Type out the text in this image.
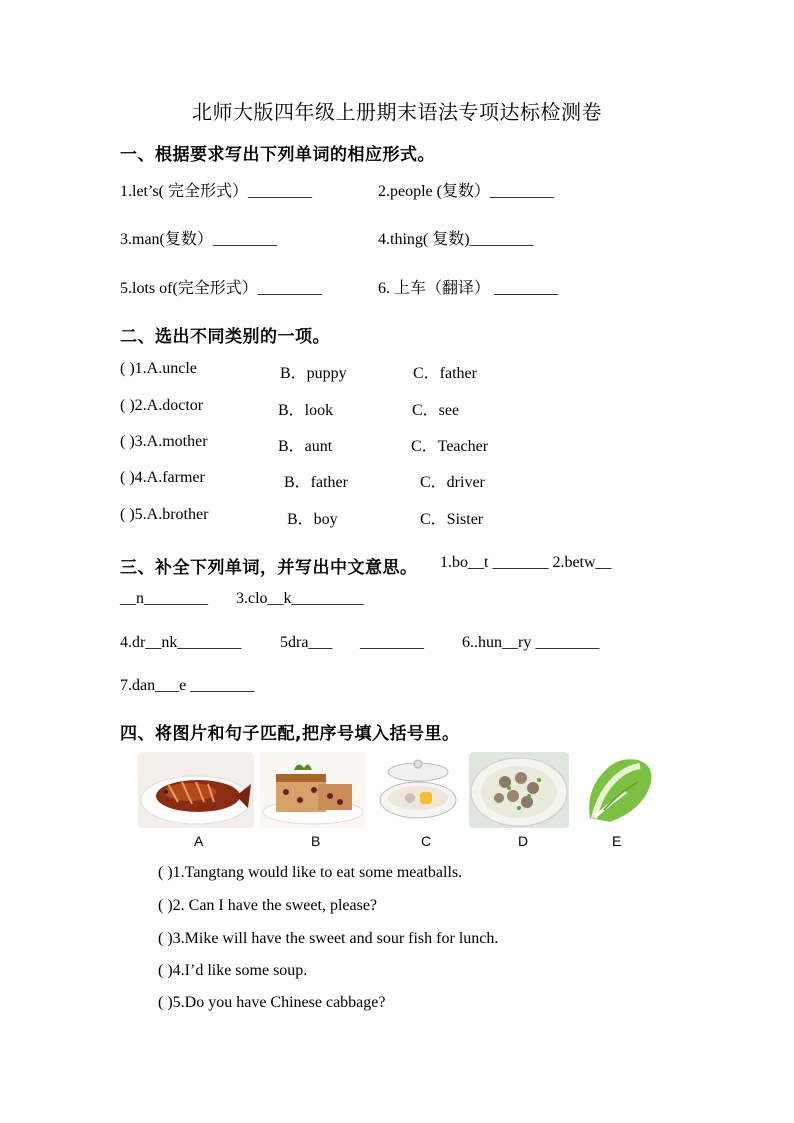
北师大版四年级上册期末语法专项达标检测卷
一、根据要求写出下列单词的相应形式。
1.let’s( 完全形式）________	2.people (复数）________
3.man(复数）________	4.thing( 复数)________
5.lots of(完全形式）________	6. 上车（翻译） ________
二、选出不同类别的一项。
( )1.A.uncle	B．puppy	C．father
( )2.A.doctor	B．look	C．see
( )3.A.mother	B．aunt	C．Teacher
( )4.A.farmer	B．father	C．driver
( )5.A.brother	B．boy	C．Sister
三、补全下列单词，并写出中文意思。 1.bo__t _______ 2.betw__
__n________ 3.clo__k_________
4.dr__nk________ 5dra___ ________ 6..hun__ry ________
7.dan___e ________
四、将图片和句子匹配,把序号填入括号里。
A	B	C	D	E
( )1.Tangtang would like to eat some meatballs.
( )2. Can I have the sweet, please?
( )3.Mike will have the sweet and sour fish for lunch.
( )4.I’d like some soup.
( )5.Do you have Chinese cabbage?
